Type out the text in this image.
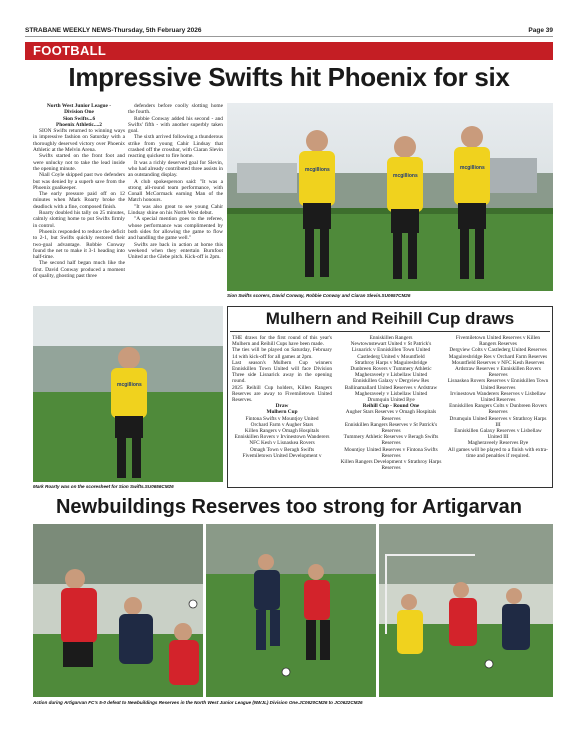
STRABANE WEEKLY NEWS-Thursday, 5th February 2026	Page 39
FOOTBALL
Impressive Swifts hit Phoenix for six

North West Junior League -

Division One

Sion Swifts...6

Phoenix Athletic....2

SION Swifts returned to winning ways in impressive fashion on Saturday with a thoroughly deserved victory over Phoenix Athletic at the Melvin Arena.

Swifts started on the front foot and were unlucky not to take the lead inside the opening minute.

Niall Coyle skipped past two defenders but was denied by a superb save from the Phoenix goalkeeper.

The early pressure paid off on 12 minutes when Mark Roarty broke the deadlock with a fine, composed finish.

Roarty doubled his tally on 25 minutes, calmly slotting home to put Swifts firmly in control.

Phoenix responded to reduce the deficit to 2-1, but Swifts quickly restored their two-goal advantage. Robbie Conway found the net to make it 3-1 heading into half-time.

The second half began much like the first. David Conway produced a moment of quality, ghosting past three

defenders before coolly slotting home the fourth.

Robbie Conway added his second - and Swifts' fifth - with another superbly taken goal.

The sixth arrived following a thunderous strike from young Cahir Lindsay that crashed off the crossbar, with Ciaran Slevin reacting quickest to fire home.

It was a richly deserved goal for Slevin, who had already contributed three assists in an outstanding display.

A club spokesperson said: "It was a strong all-round team performance, with Conall McCormack earning Man of the Match honours.

"It was also great to see young Cahir Lindsay shine on his North West debut.

"A special mention goes to the referee, whose performance was complimented by both sides for allowing the game to flow and handling the game well."

Swifts are back in action at home this weekend when they entertain Burnfoot United at the Glebe pitch. Kick-off is 2pm.

mcgillions
mcgillions
mcgillions
Sion Swifts scorers, David Conway, Robbie Conway and Ciaran Slevin.SU0657CM26
mcgillions
Mark Roarty was on the scoresheet for Sion Swifts.SU0656CM26
Mulhern and Reihill Cup draws

THE draws for the first round of this year's Mulhern and Reihill Cups have been made.

The ties will be played on Saturday, February 14 with kick-off for all games at 2pm.

Last season's Mulhern Cup winners Enniskillen Town United will face Division Three side Lisnarick away in the opening round.

2025 Reihill Cup holders, Killen Rangers Reserves are away to Fivemiletown United Reserves.

Draw

Mulhern Cup

Fintona Swifts v Mountjoy United

Orchard Farm v Augher Stars

Killen Rangers v Omagh Hospitals

Enniskillen Rovers v Irvinestown Wanderers

NFC Kesh v Lisnaskea Rovers

Omagh Town v Beragh Swifts

Fivemiletown United Development v

Enniskillen Rangers

Newtownstewart United v St Patrick's

Lisnarick v Enniskillen Town United

Castlederg United v Mountfield

Strathroy Harps v Maguiresbridge

Dunbreen Rovers v Tummery Athletic

Magheraveely v Lisbellaw United

Enniskillen Galaxy v Dergview Res

Ballinamallard United Reserves v Ardstraw

Magheraveely v Lisbellaw United

Drumquin United Bye

Reihill Cup - Round One

Augher Stars Reserves v Omagh Hospitals Reserves

Enniskillen Rangers Reserves v St Patrick's Reserves

Tummery Athletic Reserves v Beragh Swifts Reserves

Mountjoy United Reserves v Fintona Swifts Reserves

Killen Rangers Development v Strathroy Harps Reserves

Fivemiletown United Reserves v Killen Rangers Reserves

Dergview Colts v Castlederg United Reserves

Maguiresbridge Res v Orchard Farm Reserves

Mountfield Reserves v NFC Kesh Reserves

Ardstraw Reserves v Enniskillen Rovers Reserves

Lisnaskea Rovers Reserves v Enniskillen Town United Reserves

Irvinestown Wanderers Reserves v Lisbellaw United Reserves

Enniskillen Rangers Colts v Dunbreen Rovers Reserves

Drumquin United Reserves v Strathroy Harps III

Enniskillen Galaxy Reserves v Lisbellaw United III

Magheraveely Reserves Bye

All games will be played to a finish with extra-time and penalties if required.

Newbuildings Reserves too strong for Artigarvan
Action during Artigarvan FC's 5-0 defeat to Newbuildings Reserves in the North West Junior League (NWJL) Division One.JC0620CM26 to JC0622CM26
